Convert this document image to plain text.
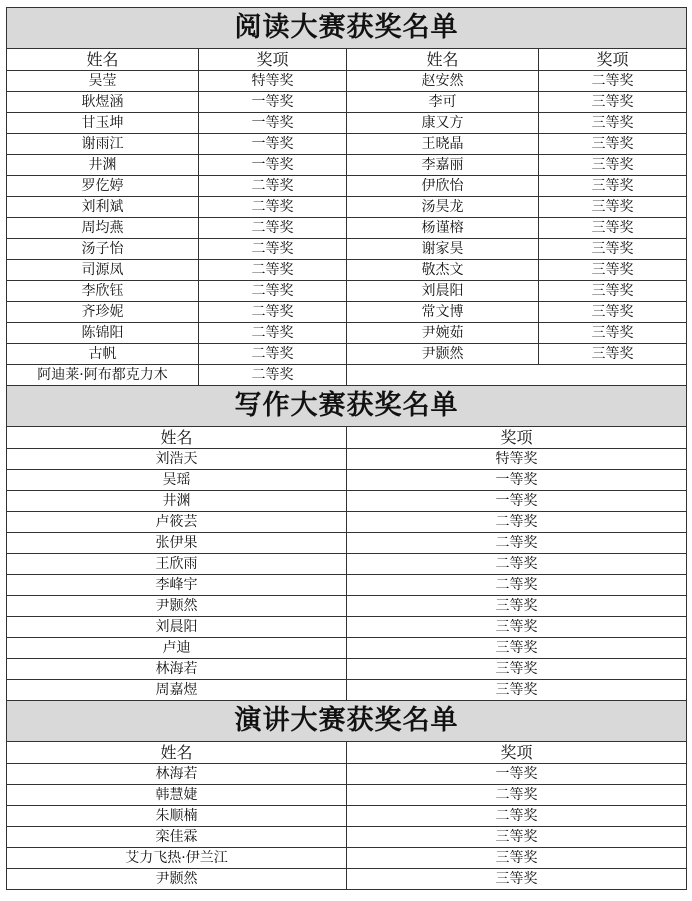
阅读大赛获奖名单			
姓名	奖项	姓名	奖项
吴莹	特等奖	赵安然	二等奖
耿煜涵	一等奖	李可	三等奖
甘玉坤	一等奖	康又方	三等奖
谢雨江	一等奖	王晓晶	三等奖
井渊	一等奖	李嘉丽	三等奖
罗仡婷	二等奖	伊欣怡	三等奖
刘利斌	二等奖	汤昊龙	三等奖
周均燕	二等奖	杨谨榕	三等奖
汤子怡	二等奖	谢家昊	三等奖
司源凤	二等奖	敬杰文	三等奖
李欣钰	二等奖	刘晨阳	三等奖
齐珍妮	二等奖	常文博	三等奖
陈锦阳	二等奖	尹婉茹	三等奖
古帆	二等奖	尹颢然	三等奖
阿迪莱·阿布都克力木	二等奖		
写作大赛获奖名单			
姓名		奖项	
刘浩天		特等奖	
吴瑶		一等奖	
井渊		一等奖	
卢筱芸		二等奖	
张伊果		二等奖	
王欣雨		二等奖	
李峰宇		二等奖	
尹颢然		三等奖	
刘晨阳		三等奖	
卢迪		三等奖	
林海若		三等奖	
周嘉煜		三等奖	
演讲大赛获奖名单			
姓名		奖项	
林海若		一等奖	
韩慧婕		二等奖	
朱顺楠		二等奖	
栾佳霖		三等奖	
艾力飞热·伊兰江		三等奖	
尹颢然		三等奖	
